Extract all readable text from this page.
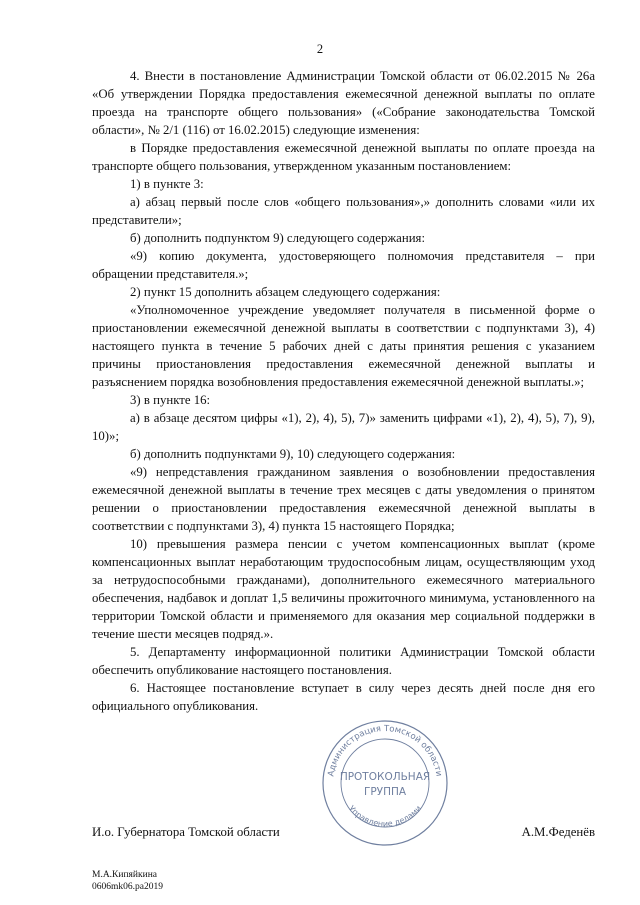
2

4. Внести в постановление Администрации Томской области от 06.02.2015 № 26а «Об утверждении Порядка предоставления ежемесячной денежной выплаты по оплате проезда на транспорте общего пользования» («Собрание законодательства Томской области», № 2/1 (116) от 16.02.2015) следующие изменения:

в Порядке предоставления ежемесячной денежной выплаты по оплате проезда на транспорте общего пользования, утвержденном указанным постановлением:

1) в пункте 3:

а) абзац первый после слов «общего пользования»,» дополнить словами «или их представители»;

б) дополнить подпунктом 9) следующего содержания:

«9) копию документа, удостоверяющего полномочия представителя – при обращении представителя.»;

2) пункт 15 дополнить абзацем следующего содержания:

«Уполномоченное учреждение уведомляет получателя в письменной форме о приостановлении ежемесячной денежной выплаты в соответствии с подпунктами 3), 4) настоящего пункта в течение 5 рабочих дней с даты принятия решения с указанием причины приостановления предоставления ежемесячной денежной выплаты и разъяснением порядка возобновления предоставления ежемесячной денежной выплаты.»;

3) в пункте 16:

а) в абзаце десятом цифры «1), 2), 4), 5), 7)» заменить цифрами «1), 2), 4), 5), 7), 9), 10)»;

б) дополнить подпунктами 9), 10) следующего содержания:

«9) непредставления гражданином заявления о возобновлении предоставления ежемесячной денежной выплаты в течение трех месяцев с даты уведомления о принятом решении о приостановлении предоставления ежемесячной денежной выплаты в соответствии с подпунктами 3), 4) пункта 15 настоящего Порядка;

10) превышения размера пенсии с учетом компенсационных выплат (кроме компенсационных выплат неработающим трудоспособным лицам, осуществляющим уход за нетрудоспособными гражданами), дополнительного ежемесячного материального обеспечения, надбавок и доплат 1,5 величины прожиточного минимума, установленного на территории Томской области и применяемого для оказания мер социальной поддержки в течение шести месяцев подряд.».

5. Департаменту информационной политики Администрации Томской области обеспечить опубликование настоящего постановления.

6. Настоящее постановление вступает в силу через десять дней после дня его официального опубликования.

Администрация Томской области
Управление делами
ПРОТОКОЛЬНАЯ
ГРУППА
И.о. Губернатора Томской области	А.М.Феденёв
М.А.Кипяйкина
0606mk06.pa2019
